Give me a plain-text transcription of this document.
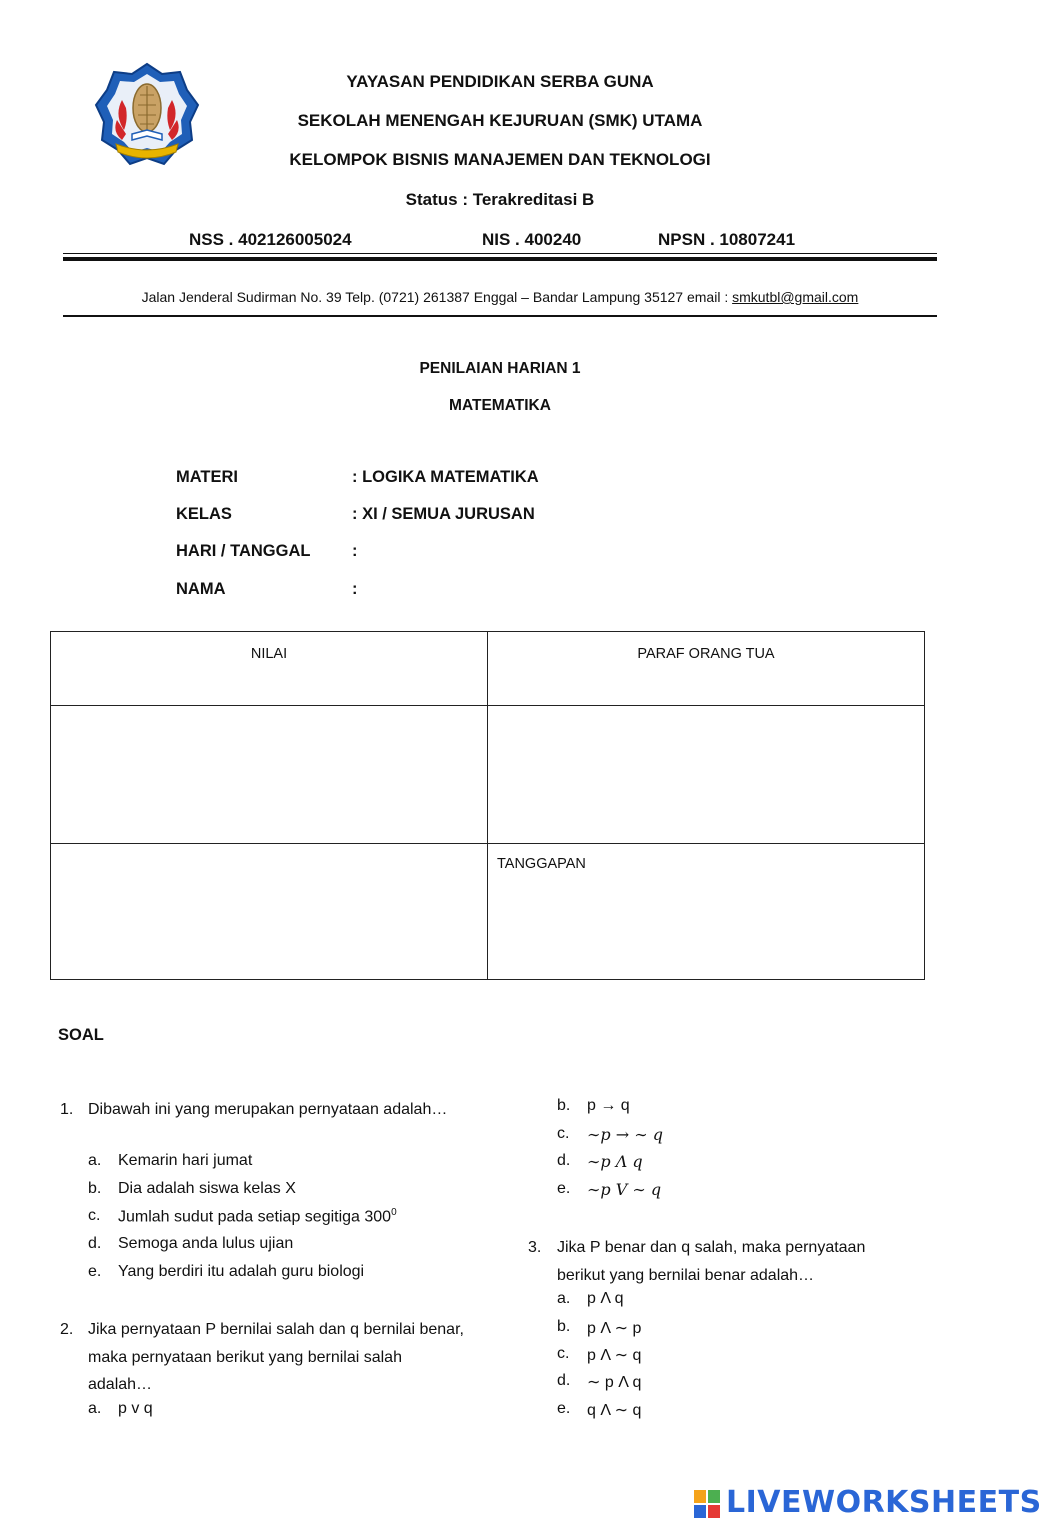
YAYASAN PENDIDIKAN SERBA GUNA
SEKOLAH MENENGAH KEJURUAN (SMK) UTAMA
KELOMPOK BISNIS MANAJEMEN DAN TEKNOLOGI
Status : Terakreditasi B
NSS . 402126005024	NIS . 400240	NPSN . 10807241
Jalan Jenderal Sudirman No. 39 Telp. (0721) 261387 Enggal – Bandar Lampung 35127 email : smkutbl@gmail.com
PENILAIAN HARIAN 1
MATEMATIKA
MATERI	: LOGIKA MATEMATIKA
KELAS	: XI / SEMUA JURUSAN
HARI / TANGGAL	:
NAMA	:
NILAI	PARAF ORANG TUA

	TANGGAPAN
SOAL
1. Dibawah ini yang merupakan pernyataan adalah…
a. Kemarin hari jumat
b. Dia adalah siswa kelas X
c. Jumlah sudut pada setiap segitiga $300^0$
d. Semoga anda lulus ujian
e. Yang berdiri itu adalah guru biologi
2. Jika pernyataan P bernilai salah dan q bernilai benar, maka pernyataan berikut yang bernilai salah adalah…
a. p v q
b. p → q
c. ∼𝑝 → ∼ q
d. ∼𝑝 Λ q
e. ∼𝑝 𝑉 ∼ q
3. Jika P benar dan q salah, maka pernyataan berikut yang bernilai benar adalah…
a. p Λ q
b. p Λ ∼ p
c. p Λ ∼ q
d. ∼ p Λ q
e. q Λ ∼ q
LIVEWORKSHEETS
